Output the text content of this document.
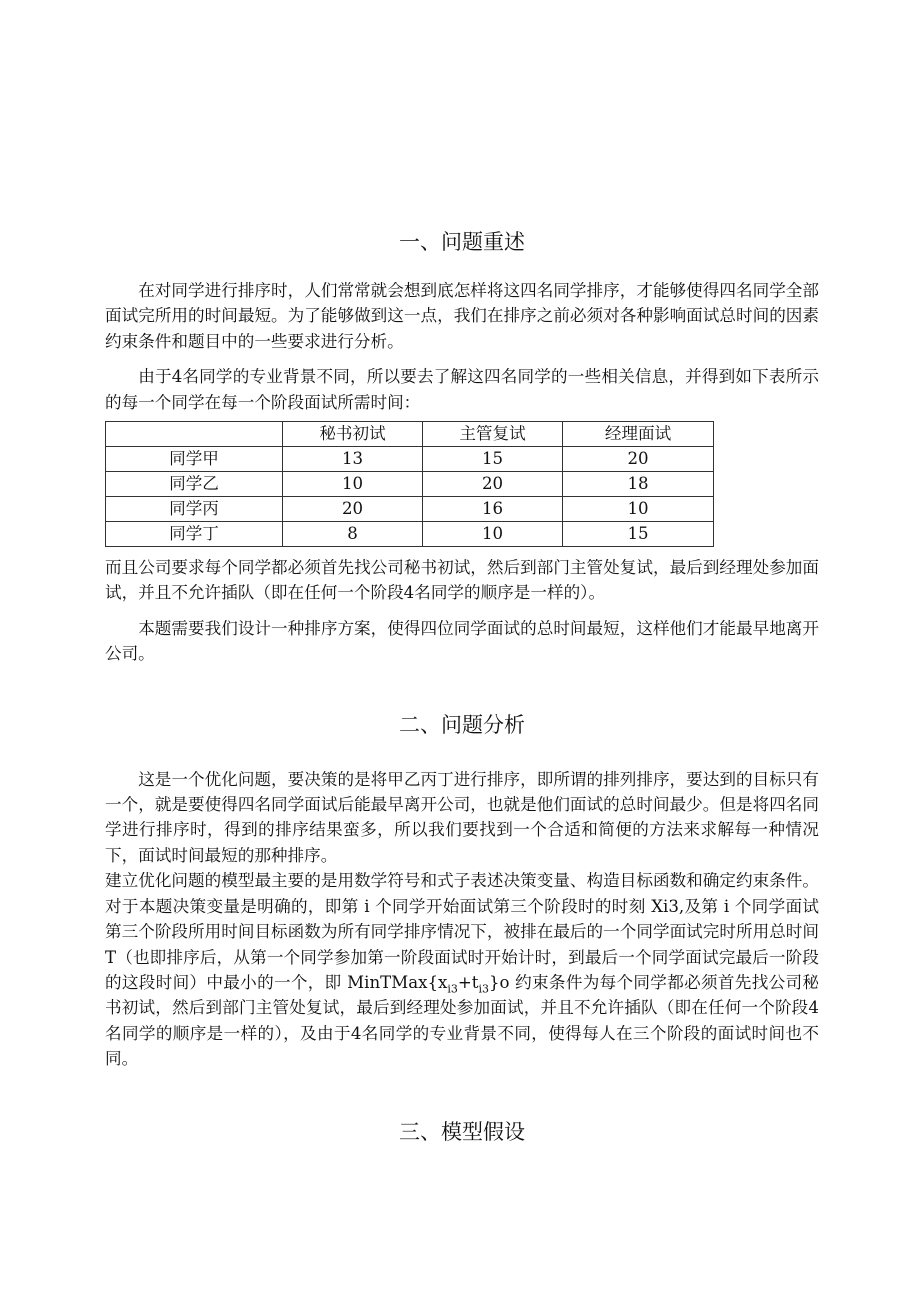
一、问题重述

在对同学进行排序时，人们常常就会想到底怎样将这四名同学排序，才能够使得四名同学全部面试完所用的时间最短。为了能够做到这一点，我们在排序之前必须对各种影响面试总时间的因素约束条件和题目中的一些要求进行分析。

由于4名同学的专业背景不同，所以要去了解这四名同学的一些相关信息，并得到如下表所示的每一个同学在每一个阶段面试所需时间：

	秘书初试	主管复试	经理面试
同学甲	13	15	20
同学乙	10	20	18
同学丙	20	16	10
同学丁	8	10	15

而且公司要求每个同学都必须首先找公司秘书初试，然后到部门主管处复试，最后到经理处参加面试，并且不允许插队（即在任何一个阶段4名同学的顺序是一样的）。

本题需要我们设计一种排序方案，使得四位同学面试的总时间最短，这样他们才能最早地离开公司。

二、问题分析

这是一个优化问题，要决策的是将甲乙丙丁进行排序，即所谓的排列排序，要达到的目标只有一个，就是要使得四名同学面试后能最早离开公司，也就是他们面试的总时间最少。但是将四名同学进行排序时，得到的排序结果蛮多，所以我们要找到一个合适和简便的方法来求解每一种情况下，面试时间最短的那种排序。

建立优化问题的模型最主要的是用数学符号和式子表述决策变量、构造目标函数和确定约束条件。对于本题决策变量是明确的，即第 i 个同学开始面试第三个阶段时的时刻 Xi3,及第 i 个同学面试第三个阶段所用时间目标函数为所有同学排序情况下，被排在最后的一个同学面试完时所用总时间 T（也即排序后，从第一个同学参加第一阶段面试时开始计时，到最后一个同学面试完最后一阶段的这段时间）中最小的一个，即 $MinTMax\{x_{i3}+t_{i3}\}o$ 约束条件为每个同学都必须首先找公司秘书初试，然后到部门主管处复试，最后到经理处参加面试，并且不允许插队（即在任何一个阶段4名同学的顺序是一样的），及由于4名同学的专业背景不同，使得每人在三个阶段的面试时间也不同。

三、模型假设
